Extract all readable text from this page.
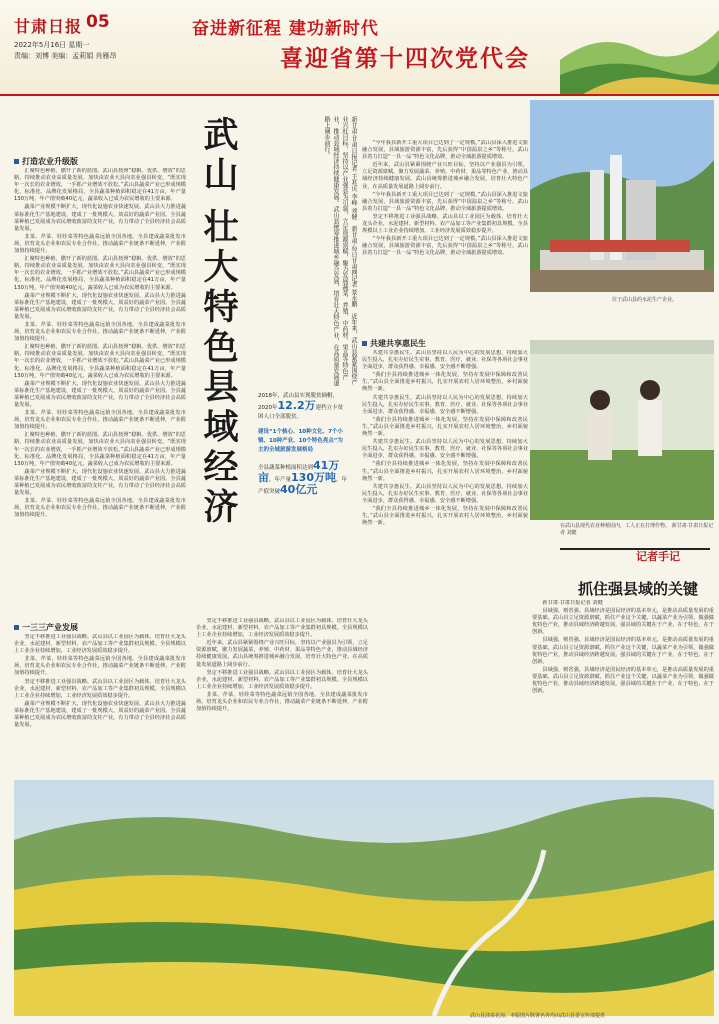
甘肃日报 05
2022年5月16日 星期一
责编：刘博 美编：孟莉娟 肖雁昂
奋进新征程 建功新时代
喜迎省第十四次党代会
打造农业升级版

汇聚特色种植，撒开了新的蓝图。武山县按照“稳粮、优供、增效”的思路，持续推动农业高质量发展，加快由农业大县向农业强县转变。“既实现年一次长的农业增效，一手抓产业增效不放松。”武山县蔬菜产业已形成规模化、标准化、品牌化发展格局，全县蔬菜种植面积稳定在41万亩，年产量130万吨，年产值突破40亿元，蔬菜收入已成为农民增收的主要来源。

蔬菜产业规模不断扩大，现代化设施农业快速发展。武山县大力推进蔬菜标准化生产基地建设，建成了一批规模大、效益好的蔬菜产业园。全县蔬菜种植已发展成为农民增收致富的支柱产业，有力带动了全县经济社会高质量发展。

韭菜、芹菜、娃娃菜等特色蔬菜远销全国各地。全县建成蔬菜批发市场，培育龙头企业和农民专业合作社，推动蔬菜产业链条不断延伸，产业附加值持续提升。

汇聚特色种植，撒开了新的蓝图。武山县按照“稳粮、优供、增效”的思路，持续推动农业高质量发展，加快由农业大县向农业强县转变。“既实现年一次长的农业增效，一手抓产业增效不放松。”武山县蔬菜产业已形成规模化、标准化、品牌化发展格局，全县蔬菜种植面积稳定在41万亩，年产量130万吨，年产值突破40亿元，蔬菜收入已成为农民增收的主要来源。

蔬菜产业规模不断扩大，现代化设施农业快速发展。武山县大力推进蔬菜标准化生产基地建设，建成了一批规模大、效益好的蔬菜产业园。全县蔬菜种植已发展成为农民增收致富的支柱产业，有力带动了全县经济社会高质量发展。

韭菜、芹菜、娃娃菜等特色蔬菜远销全国各地。全县建成蔬菜批发市场，培育龙头企业和农民专业合作社，推动蔬菜产业链条不断延伸，产业附加值持续提升。

汇聚特色种植，撒开了新的蓝图。武山县按照“稳粮、优供、增效”的思路，持续推动农业高质量发展，加快由农业大县向农业强县转变。“既实现年一次长的农业增效，一手抓产业增效不放松。”武山县蔬菜产业已形成规模化、标准化、品牌化发展格局，全县蔬菜种植面积稳定在41万亩，年产量130万吨，年产值突破40亿元，蔬菜收入已成为农民增收的主要来源。

蔬菜产业规模不断扩大，现代化设施农业快速发展。武山县大力推进蔬菜标准化生产基地建设，建成了一批规模大、效益好的蔬菜产业园。全县蔬菜种植已发展成为农民增收致富的支柱产业，有力带动了全县经济社会高质量发展。

韭菜、芹菜、娃娃菜等特色蔬菜远销全国各地。全县建成蔬菜批发市场，培育龙头企业和农民专业合作社，推动蔬菜产业链条不断延伸，产业附加值持续提升。

汇聚特色种植，撒开了新的蓝图。武山县按照“稳粮、优供、增效”的思路，持续推动农业高质量发展，加快由农业大县向农业强县转变。“既实现年一次长的农业增效，一手抓产业增效不放松。”武山县蔬菜产业已形成规模化、标准化、品牌化发展格局，全县蔬菜种植面积稳定在41万亩，年产量130万吨，年产值突破40亿元，蔬菜收入已成为农民增收的主要来源。

蔬菜产业规模不断扩大，现代化设施农业快速发展。武山县大力推进蔬菜标准化生产基地建设，建成了一批规模大、效益好的蔬菜产业园。全县蔬菜种植已发展成为农民增收致富的支柱产业，有力带动了全县经济社会高质量发展。

韭菜、芹菜、娃娃菜等特色蔬菜远销全国各地。全县建成蔬菜批发市场，培育龙头企业和农民专业合作社，推动蔬菜产业链条不断延伸，产业附加值持续提升。

一三三产业发展

坚定不移推进工业强县战略。武山县以工业园区为载体，培育壮大龙头企业，水泥建材、新型材料、农产品加工等产业集群初具规模。全县规模以上工业企业持续增加，工业经济发展质效稳步提升。

韭菜、芹菜、娃娃菜等特色蔬菜远销全国各地。全县建成蔬菜批发市场，培育龙头企业和农民专业合作社，推动蔬菜产业链条不断延伸，产业附加值持续提升。

坚定不移推进工业强县战略。武山县以工业园区为载体，培育壮大龙头企业，水泥建材、新型材料、农产品加工等产业集群初具规模。全县规模以上工业企业持续增加，工业经济发展质效稳步提升。

蔬菜产业规模不断扩大，现代化设施农业快速发展。武山县大力推进蔬菜标准化生产基地建设，建成了一批规模大、效益好的蔬菜产业园。全县蔬菜种植已发展成为农民增收致富的支柱产业，有力带动了全县经济社会高质量发展。

武
山
壮
大
特
色
县
域
经
济
新甘肃·甘肃日报记者 王兆庆 李峰 刘健　新甘肃·每日甘肃网记者 景永鹏　近年来，武山县紧紧围绕产业兴旺目标，坚持以产业强县为引领，立足资源禀赋，聚力发展蔬菜、养殖、中药材、果品等特色产业，推动县域经济持续健康发展。武山县统筹推进城乡融合发展，培育壮大特色产业，在高质量发展道路上阔步前行。
2018年，武山县实现脱贫摘帽，2020年12.2万建档立卡贫困人口全部脱贫。
建设“1个核心、10种文化、7个小镇、10种产业、10个特色亮点”为主的全域旅游发展格局
全县蔬菜种植面积达到41万亩，年产量130万吨，年产值突破40亿元

坚定不移推进工业强县战略。武山县以工业园区为载体，培育壮大龙头企业，水泥建材、新型材料、农产品加工等产业集群初具规模。全县规模以上工业企业持续增加，工业经济发展质效稳步提升。

近年来，武山县紧紧围绕产业兴旺目标，坚持以产业强县为引领，立足资源禀赋，聚力发展蔬菜、养殖、中药材、果品等特色产业，推动县域经济持续健康发展。武山县统筹推进城乡融合发展，培育壮大特色产业，在高质量发展道路上阔步前行。

坚定不移推进工业强县战略。武山县以工业园区为载体，培育壮大龙头企业，水泥建材、新型材料、农产品加工等产业集群初具规模。全县规模以上工业企业持续增加，工业经济发展质效稳步提升。

韭菜、芹菜、娃娃菜等特色蔬菜远销全国各地。全县建成蔬菜批发市场，培育龙头企业和农民专业合作社，推动蔬菜产业链条不断延伸，产业附加值持续提升。

“今年我县新开工重大项目已达到了一定规模。”武山县深入推进文旅融合发展，县域旅游资源丰富，先后获得“中国温泉之乡”等称号。武山县着力打造“一县一品”特色文化品牌，推动全域旅游提质增效。

近年来，武山县紧紧围绕产业兴旺目标，坚持以产业强县为引领，立足资源禀赋，聚力发展蔬菜、养殖、中药材、果品等特色产业，推动县域经济持续健康发展。武山县统筹推进城乡融合发展，培育壮大特色产业，在高质量发展道路上阔步前行。

“今年我县新开工重大项目已达到了一定规模。”武山县深入推进文旅融合发展，县域旅游资源丰富，先后获得“中国温泉之乡”等称号。武山县着力打造“一县一品”特色文化品牌，推动全域旅游提质增效。

坚定不移推进工业强县战略。武山县以工业园区为载体，培育壮大龙头企业，水泥建材、新型材料、农产品加工等产业集群初具规模。全县规模以上工业企业持续增加，工业经济发展质效稳步提升。

“今年我县新开工重大项目已达到了一定规模。”武山县深入推进文旅融合发展，县域旅游资源丰富，先后获得“中国温泉之乡”等称号。武山县着力打造“一县一品”特色文化品牌，推动全域旅游提质增效。

共建共享惠民生

共建共享惠民生。武山县坚持以人民为中心的发展思想，持续加大民生投入，扎实办好民生实事，教育、医疗、就业、社保等各项社会事业全面进步，群众获得感、幸福感、安全感不断增强。

“我们全县持续推进城乡一体化发展，坚持在发展中保障和改善民生。”武山县全面推进乡村振兴，扎实开展农村人居环境整治，乡村面貌焕然一新。

共建共享惠民生。武山县坚持以人民为中心的发展思想，持续加大民生投入，扎实办好民生实事，教育、医疗、就业、社保等各项社会事业全面进步，群众获得感、幸福感、安全感不断增强。

“我们全县持续推进城乡一体化发展，坚持在发展中保障和改善民生。”武山县全面推进乡村振兴，扎实开展农村人居环境整治，乡村面貌焕然一新。

共建共享惠民生。武山县坚持以人民为中心的发展思想，持续加大民生投入，扎实办好民生实事，教育、医疗、就业、社保等各项社会事业全面进步，群众获得感、幸福感、安全感不断增强。

“我们全县持续推进城乡一体化发展，坚持在发展中保障和改善民生。”武山县全面推进乡村振兴，扎实开展农村人居环境整治，乡村面貌焕然一新。

共建共享惠民生。武山县坚持以人民为中心的发展思想，持续加大民生投入，扎实办好民生实事，教育、医疗、就业、社保等各项社会事业全面进步，群众获得感、幸福感、安全感不断增强。

“我们全县持续推进城乡一体化发展，坚持在发展中保障和改善民生。”武山县全面推进乡村振兴，扎实开展农村人居环境整治，乡村面貌焕然一新。

位于武山县的水泥生产企业。
在武山县现代农业种植园内，工人正在打理作物。 新甘肃·甘肃日报记者 刘健
记者手记
抓住强县域的关键

新甘肃·甘肃日报记者 刘健

县域强，则省强。县域经济是国民经济的基本单元，是推动高质量发展的重要基础。武山县立足资源禀赋，抓住产业这个关键，以蔬菜产业为引领，做强做优特色产业，推动县域经济跨越发展。强县域的关键在于产业，在于特色，在于创新。

县域强，则省强。县域经济是国民经济的基本单元，是推动高质量发展的重要基础。武山县立足资源禀赋，抓住产业这个关键，以蔬菜产业为引领，做强做优特色产业，推动县域经济跨越发展。强县域的关键在于产业，在于特色，在于创新。

县域强，则省强。县域经济是国民经济的基本单元，是推动高质量发展的重要基础。武山县立足资源禀赋，抓住产业这个关键，以蔬菜产业为引领，做强做优特色产业，推动县域经济跨越发展。强县域的关键在于产业，在于特色，在于创新。

武山县油菜花海。本版图片除署名外均由武山县委宣传部提供
